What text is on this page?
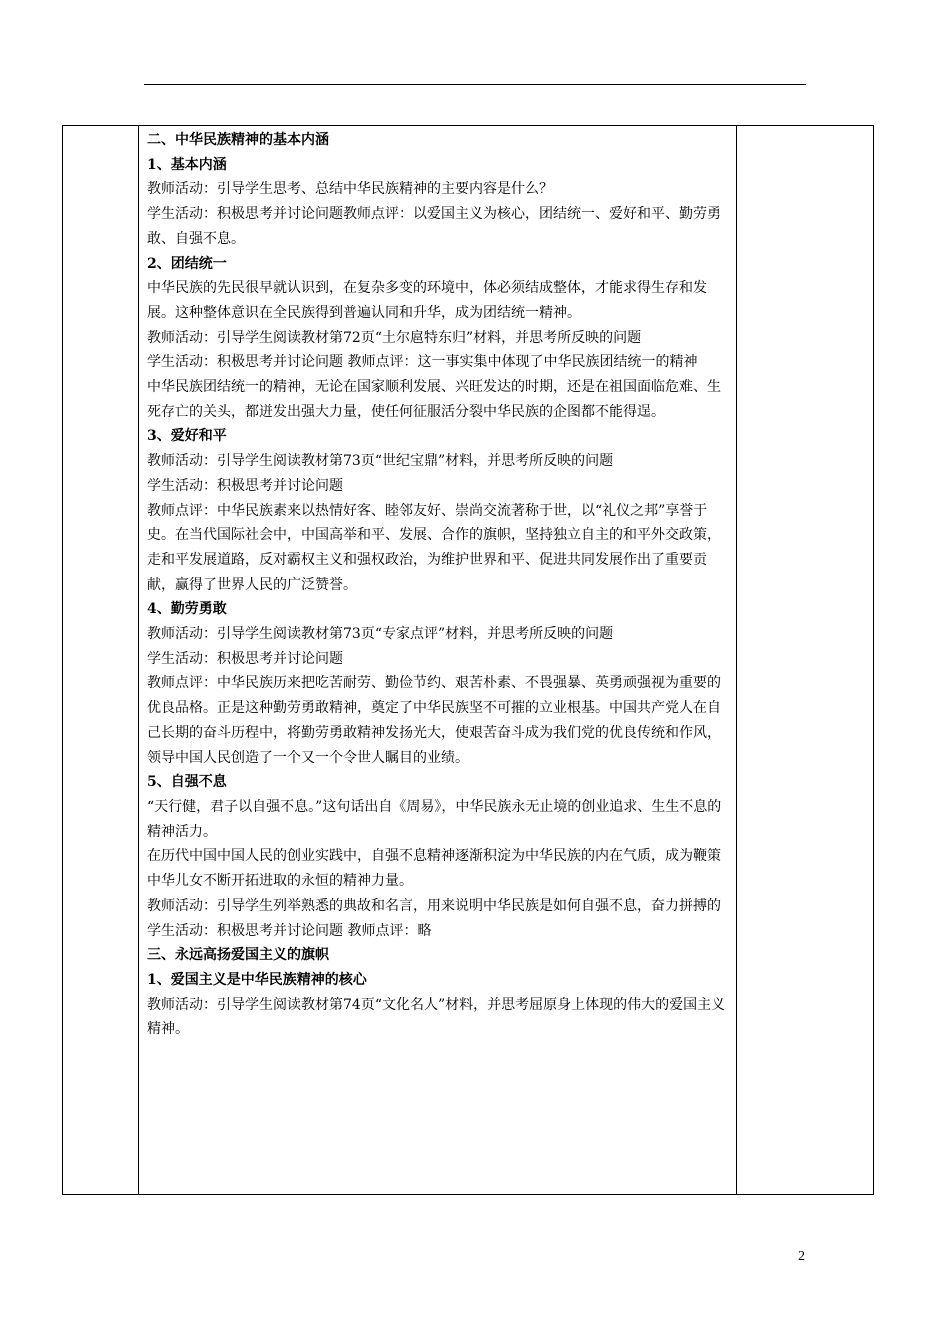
二、中华民族精神的基本内涵

1、基本内涵

教师活动：引导学生思考、总结中华民族精神的主要内容是什么？

学生活动：积极思考并讨论问题教师点评：以爱国主义为核心，团结统一、爱好和平、勤劳勇敢、自强不息。

2、团结统一

中华民族的先民很早就认识到，在复杂多变的环境中，体必须结成整体，才能求得生存和发展。这种整体意识在全民族得到普遍认同和升华，成为团结统一精神。

教师活动：引导学生阅读教材第72页“土尔扈特东归”材料，并思考所反映的问题

学生活动：积极思考并讨论问题 教师点评：这一事实集中体现了中华民族团结统一的精神

中华民族团结统一的精神，无论在国家顺利发展、兴旺发达的时期，还是在祖国面临危难、生死存亡的关头，都迸发出强大力量，使任何征服活分裂中华民族的企图都不能得逞。

3、爱好和平

教师活动：引导学生阅读教材第73页“世纪宝鼎”材料，并思考所反映的问题

学生活动：积极思考并讨论问题

教师点评：中华民族素来以热情好客、睦邻友好、崇尚交流著称于世，以“礼仪之邦”享誉于史。在当代国际社会中，中国高举和平、发展、合作的旗帜，坚持独立自主的和平外交政策，走和平发展道路，反对霸权主义和强权政治，为维护世界和平、促进共同发展作出了重要贡献，赢得了世界人民的广泛赞誉。

4、勤劳勇敢

教师活动：引导学生阅读教材第73页“专家点评”材料，并思考所反映的问题

学生活动：积极思考并讨论问题

教师点评：中华民族历来把吃苦耐劳、勤俭节约、艰苦朴素、不畏强暴、英勇顽强视为重要的优良品格。正是这种勤劳勇敢精神，奠定了中华民族坚不可摧的立业根基。中国共产党人在自己长期的奋斗历程中，将勤劳勇敢精神发扬光大，使艰苦奋斗成为我们党的优良传统和作风，领导中国人民创造了一个又一个令世人瞩目的业绩。

5、自强不息

“天行健，君子以自强不息。”这句话出自《周易》，中华民族永无止境的创业追求、生生不息的精神活力。

在历代中国中国人民的创业实践中，自强不息精神逐渐积淀为中华民族的内在气质，成为鞭策中华儿女不断开拓进取的永恒的精神力量。

教师活动：引导学生列举熟悉的典故和名言，用来说明中华民族是如何自强不息，奋力拼搏的

学生活动：积极思考并讨论问题 教师点评：略

三、永远高扬爱国主义的旗帜

1、爱国主义是中华民族精神的核心

教师活动：引导学生阅读教材第74页“文化名人”材料，并思考屈原身上体现的伟大的爱国主义精神。

2
